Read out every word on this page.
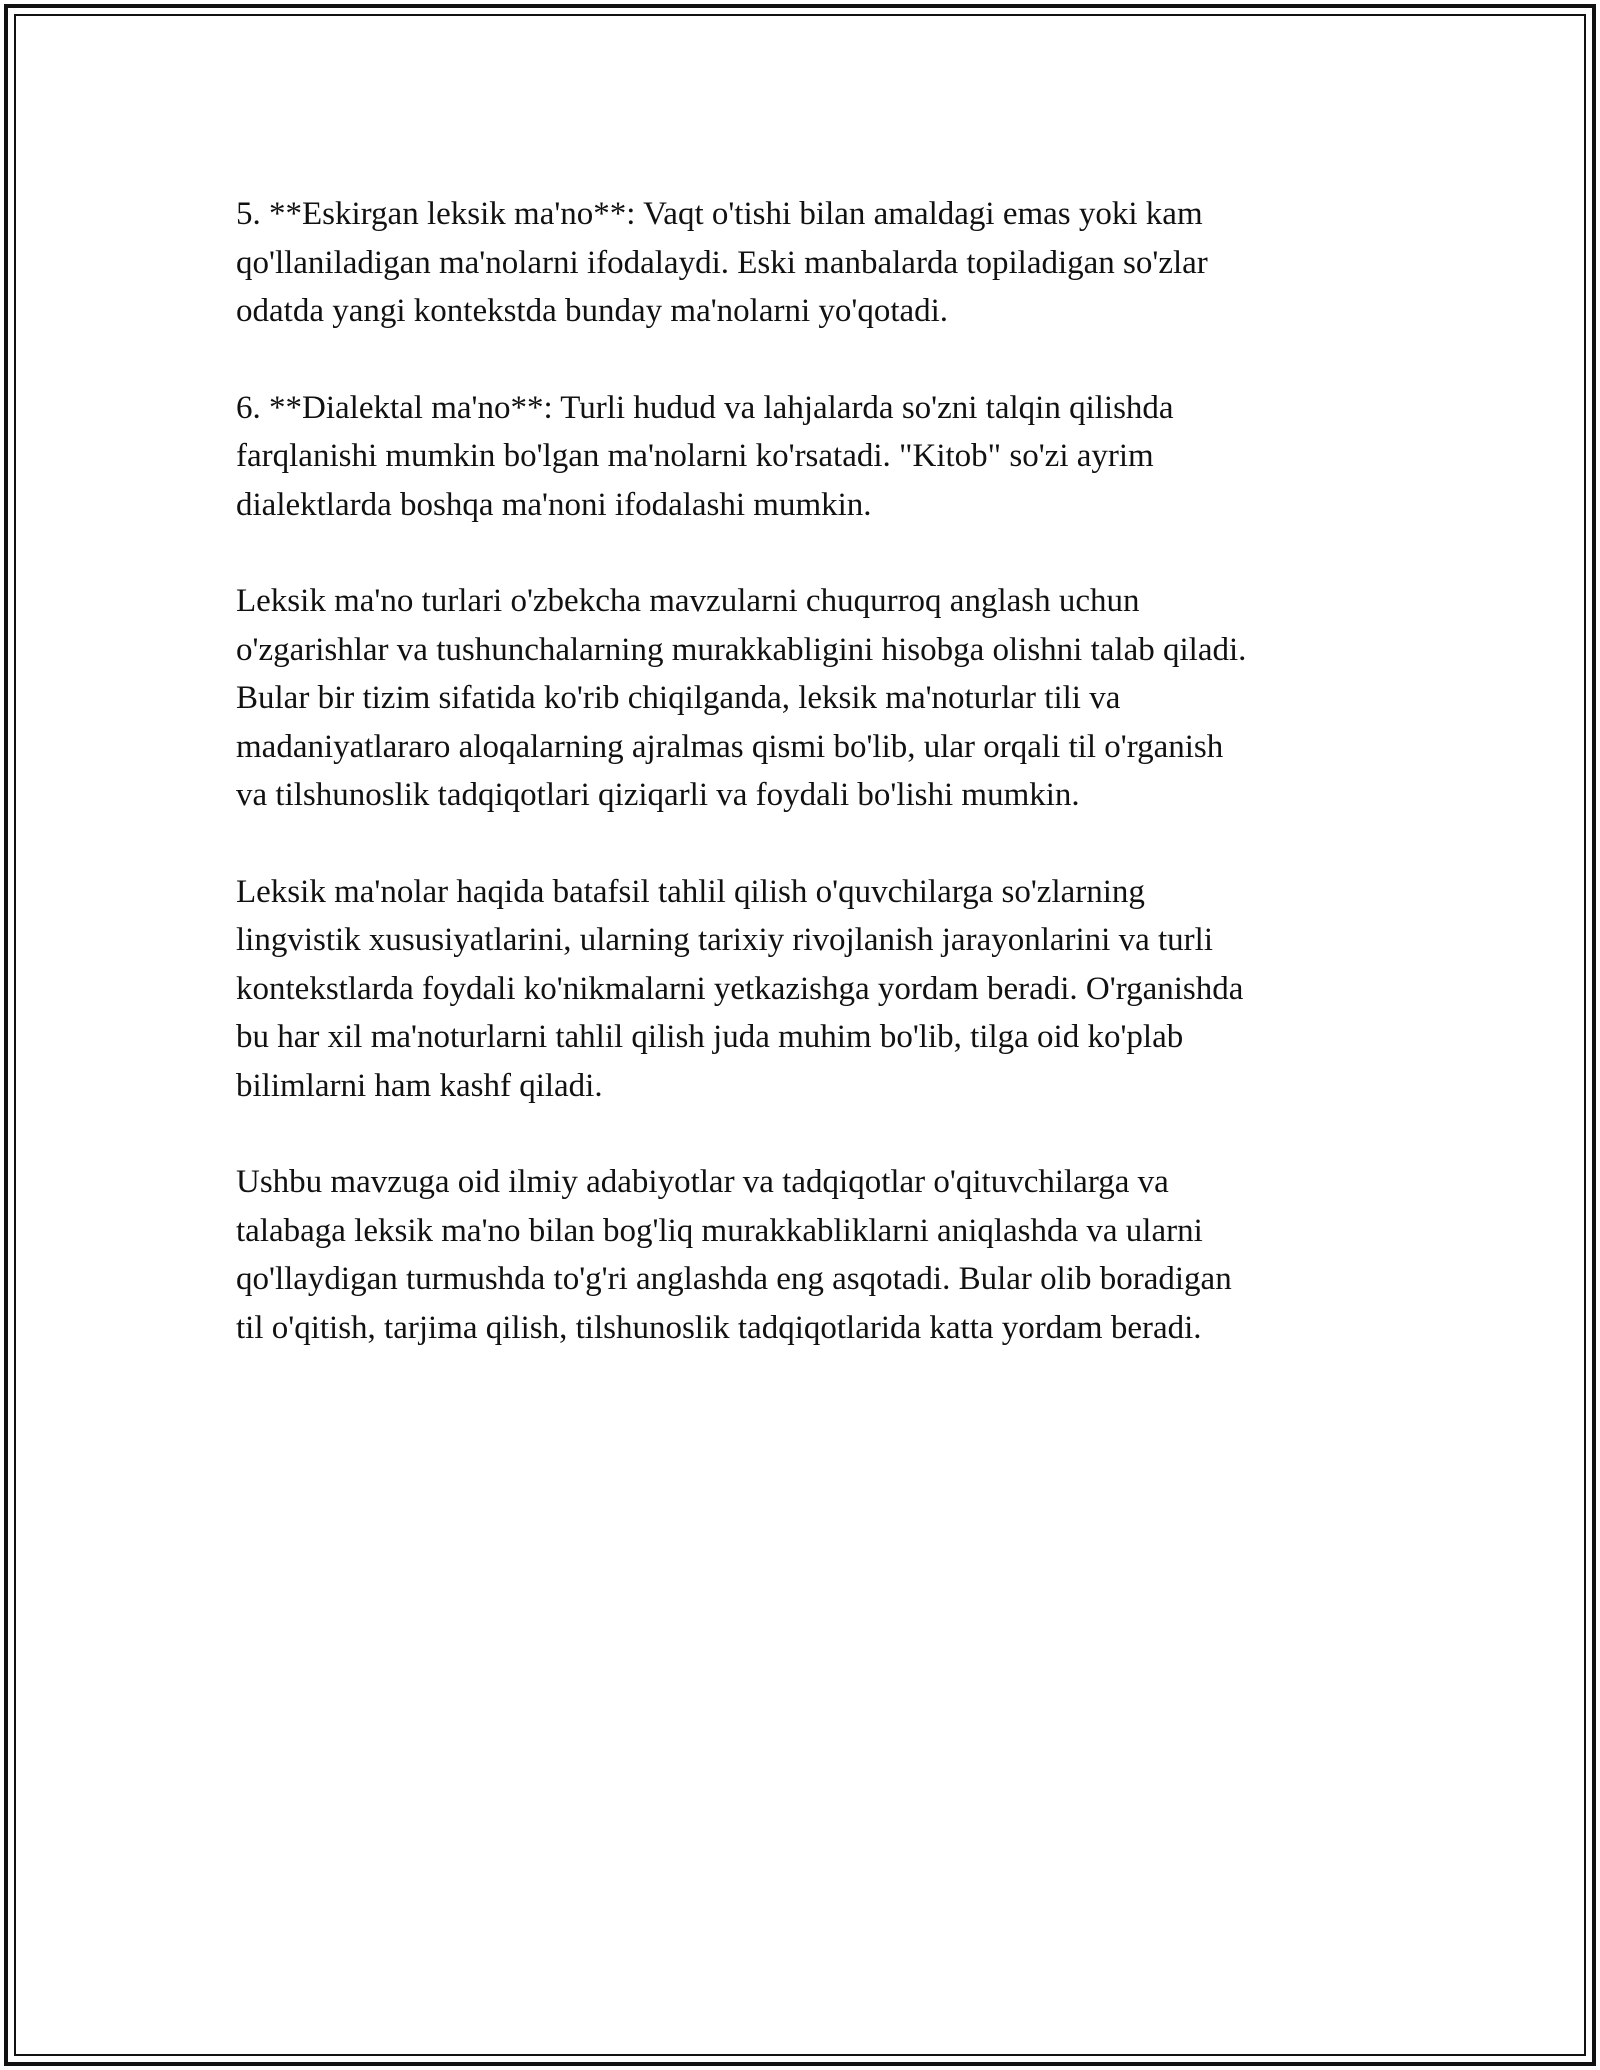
5. **Eskirgan leksik ma'no**: Vaqt o'tishi bilan amaldagi emas yoki kam
qo'llaniladigan ma'nolarni ifodalaydi. Eski manbalarda topiladigan so'zlar
odatda yangi kontekstda bunday ma'nolarni yo'qotadi.

6. **Dialektal ma'no**: Turli hudud va lahjalarda so'zni talqin qilishda
farqlanishi mumkin bo'lgan ma'nolarni ko'rsatadi. "Kitob" so'zi ayrim
dialektlarda boshqa ma'noni ifodalashi mumkin.

Leksik ma'no turlari o'zbekcha mavzularni chuqurroq anglash uchun
o'zgarishlar va tushunchalarning murakkabligini hisobga olishni talab qiladi.
Bular bir tizim sifatida ko'rib chiqilganda, leksik ma'noturlar tili va
madaniyatlararo aloqalarning ajralmas qismi bo'lib, ular orqali til o'rganish
va tilshunoslik tadqiqotlari qiziqarli va foydali bo'lishi mumkin.

Leksik ma'nolar haqida batafsil tahlil qilish o'quvchilarga so'zlarning
lingvistik xususiyatlarini, ularning tarixiy rivojlanish jarayonlarini va turli
kontekstlarda foydali ko'nikmalarni yetkazishga yordam beradi. O'rganishda
bu har xil ma'noturlarni tahlil qilish juda muhim bo'lib, tilga oid ko'plab
bilimlarni ham kashf qiladi.

Ushbu mavzuga oid ilmiy adabiyotlar va tadqiqotlar o'qituvchilarga va
talabaga leksik ma'no bilan bog'liq murakkabliklarni aniqlashda va ularni
qo'llaydigan turmushda to'g'ri anglashda eng asqotadi. Bular olib boradigan
til o'qitish, tarjima qilish, tilshunoslik tadqiqotlarida katta yordam beradi.
